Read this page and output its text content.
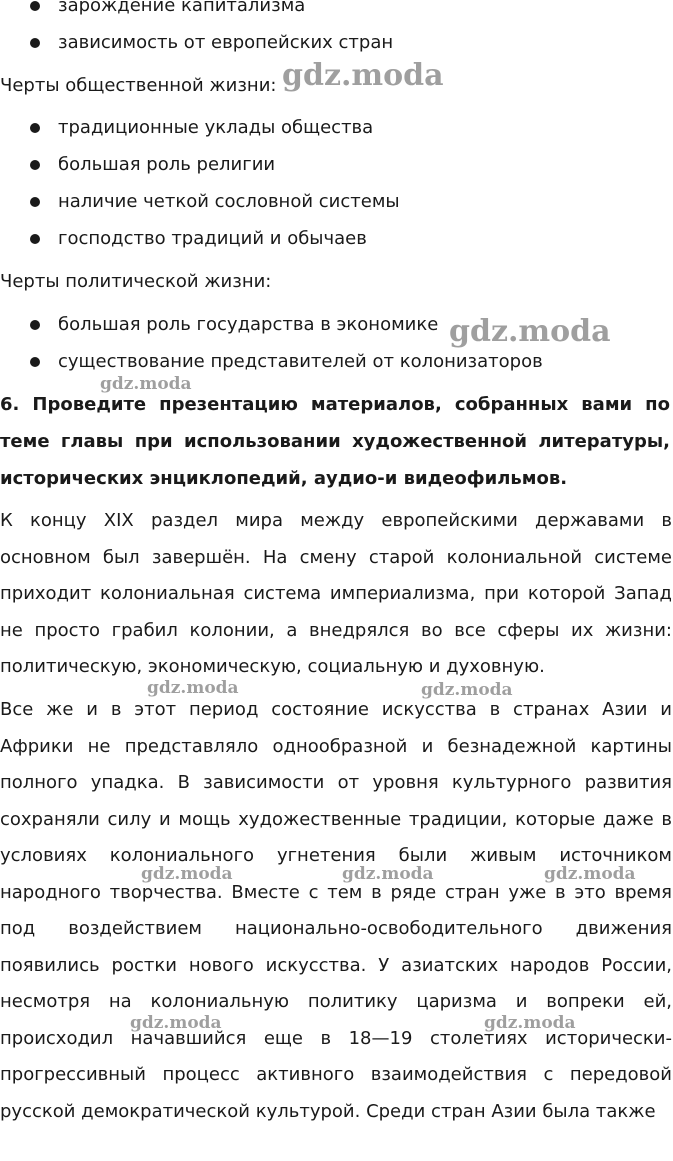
зарождение капитализма
зависимость от европейских стран

Черты общественной жизни:

традиционные уклады общества
большая роль религии
наличие четкой сословной системы
господство традиций и обычаев

Черты политической жизни:

большая роль государства в экономике
существование представителей от колонизаторов

6. Проведите презентацию материалов, собранных вами по теме главы при использовании художественной литературы, исторических энциклопедий, аудио-и видеофильмов.

К концу XIX раздел мира между европейскими державами в основном был завершён. На смену старой колониальной системе приходит колониальная система империализма, при которой Запад не просто грабил колонии, а внедрялся во все сферы их жизни: политическую, экономическую, социальную и духовную.

Все же и в этот период состояние искусства в странах Азии и Африки не представляло однообразной и безнадежной картины полного упадка. В зависимости от уровня культурного развития сохраняли силу и мощь художественные традиции, которые даже в условиях колониального угнетения были живым источником народного творчества. Вместе с тем в ряде стран уже в это время под воздействием национально-освободительного движения появились ростки нового искусства. У азиатских народов России, несмотря на колониальную политику царизма и вопреки ей, происходил начавшийся еще в 18—19 столетиях исторически-прогрессивный процесс активного взаимодействия с передовой русской демократической культурой. Среди стран Азии была также

gdz.moda
gdz.moda
gdz.moda
gdz.moda	gdz.moda
gdz.moda	gdz.moda	gdz.moda
gdz.moda	gdz.moda
